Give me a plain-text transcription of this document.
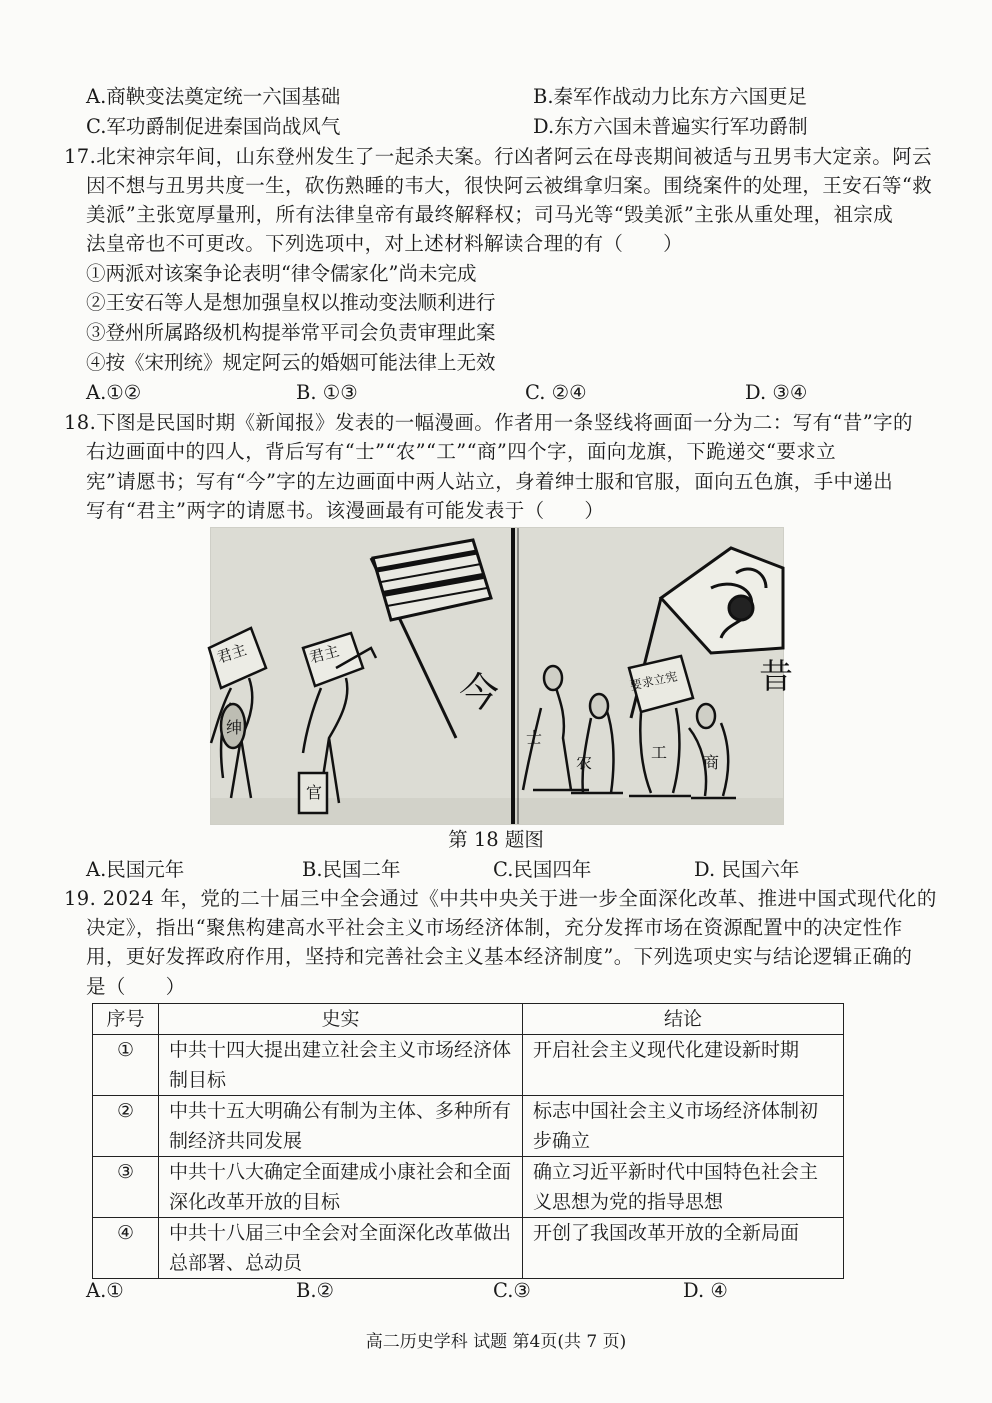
A.商鞅变法奠定统一六国基础	B.秦军作战动力比东方六国更足
C.军功爵制促进秦国尚战风气	D.东方六国未普遍实行军功爵制
17.北宋神宗年间，山东登州发生了一起杀夫案。行凶者阿云在母丧期间被适与丑男韦大定亲。阿云
因不想与丑男共度一生，砍伤熟睡的韦大，很快阿云被缉拿归案。围绕案件的处理，王安石等“救
美派”主张宽厚量刑，所有法律皇帝有最终解释权；司马光等“毁美派”主张从重处理，祖宗成
法皇帝也不可更改。下列选项中，对上述材料解读合理的有（　　）
①两派对该案争论表明“律令儒家化”尚未完成
②王安石等人是想加强皇权以推动变法顺利进行
③登州所属路级机构提举常平司会负责审理此案
④按《宋刑统》规定阿云的婚姻可能法律上无效
A.①②	B. ①③	C. ②④	D. ③④
18.下图是民国时期《新闻报》发表的一幅漫画。作者用一条竖线将画面一分为二：写有“昔”字的
右边画面中的四人，背后写有“士”“农”“工”“商”四个字，面向龙旗，下跪递交“要求立
宪”请愿书；写有“今”字的左边画面中两人站立，身着绅士服和官服，面向五色旗，手中递出
写有“君主”两字的请愿书。该漫画最有可能发表于（　　）
今
君主	君主
绅
官
士
农
工
商
要求立宪 昔
第 18 题图
A.民国元年	B.民国二年	C.民国四年	D. 民国六年
19. 2024 年，党的二十届三中全会通过《中共中央关于进一步全面深化改革、推进中国式现代化的
决定》，指出“聚焦构建高水平社会主义市场经济体制，充分发挥市场在资源配置中的决定性作
用，更好发挥政府作用，坚持和完善社会主义基本经济制度”。下列选项史实与结论逻辑正确的
是（　　）
序号	史实	结论
①	中共十四大提出建立社会主义市场经济体制目标	开启社会主义现代化建设新时期
②	中共十五大明确公有制为主体、多种所有制经济共同发展	标志中国社会主义市场经济体制初步确立
③	中共十八大确定全面建成小康社会和全面深化改革开放的目标	确立习近平新时代中国特色社会主义思想为党的指导思想
④	中共十八届三中全会对全面深化改革做出总部署、总动员	开创了我国改革开放的全新局面
A.①	B.②	C.③	D. ④
高二历史学科 试题 第4页(共 7 页)
